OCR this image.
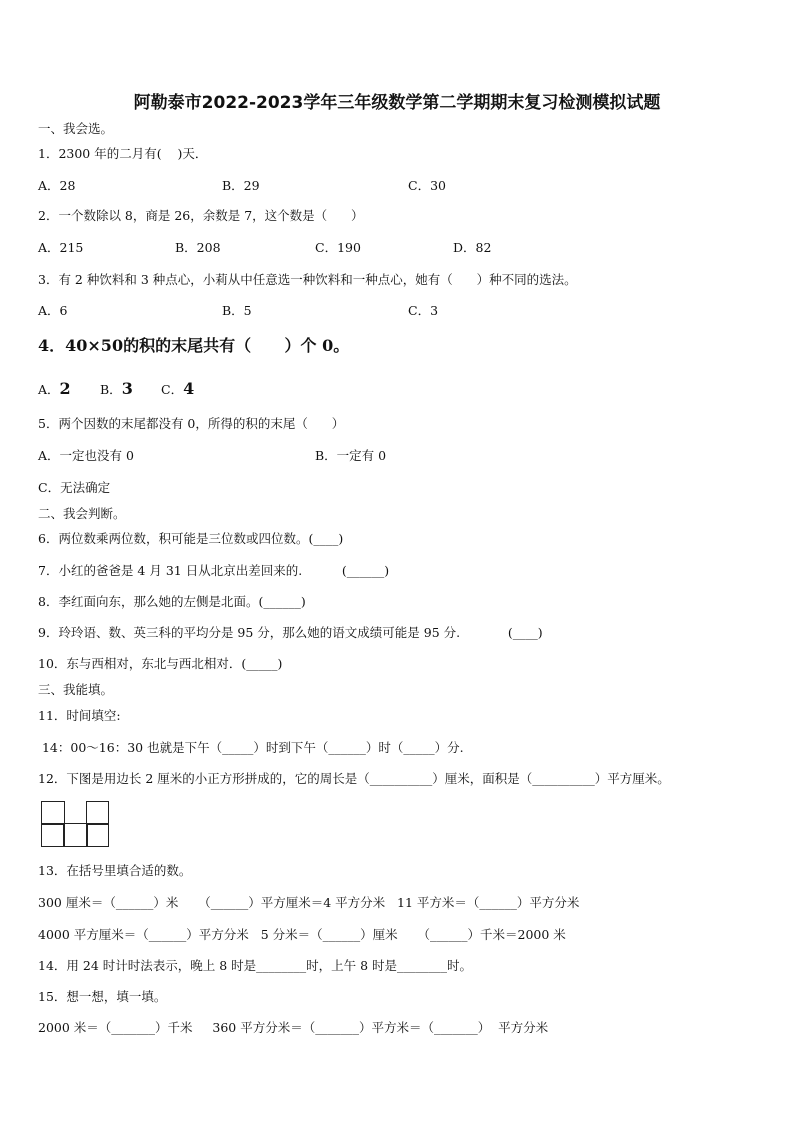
阿勒泰市2022-2023学年三年级数学第二学期期末复习检测模拟试题
一、我会选。
1．2300 年的二月有(    )天．
A．28	B．29	C．30
2．一个数除以 8，商是 26，余数是 7，这个数是（      ）
A．215	B．208	C．190	D．82
3．有 2 种饮料和 3 种点心，小莉从中任意选一种饮料和一种点心，她有（      ）种不同的选法。
A．6	B．5	C．3
4．40×50的积的末尾共有（      ）个 0。
A．2 B．3 C．4
5．两个因数的末尾都没有 0，所得的积的末尾（      ）
A．一定也没有 0	B．一定有 0
C．无法确定
二、我会判断。
6．两位数乘两位数，积可能是三位数或四位数。(____)
7．小红的爸爸是 4 月 31 日从北京出差回来的.          (______)
8．李红面向东，那么她的左侧是北面。(______)
9．玲玲语、数、英三科的平均分是 95 分，那么她的语文成绩可能是 95 分.            (____)
10．东与西相对，东北与西北相对．(_____)
三、我能填。
11．时间填空:
14：00～16：30 也就是下午（_____）时到下午（______）时（_____）分.
12．下图是用边长 2 厘米的小正方形拼成的，它的周长是（__________）厘米，面积是（__________）平方厘米。
13．在括号里填合适的数。
300 厘米＝（______）米     （______）平方厘米＝4 平方分米   11 平方米＝（______）平方分米
4000 平方厘米＝（______）平方分米   5 分米＝（______）厘米     （______）千米＝2000 米
14．用 24 时计时法表示，晚上 8 时是________时，上午 8 时是________时。
15．想一想，填一填。
2000 米＝（_______）千米     360 平方分米＝（_______）平方米＝（_______）  平方分米
